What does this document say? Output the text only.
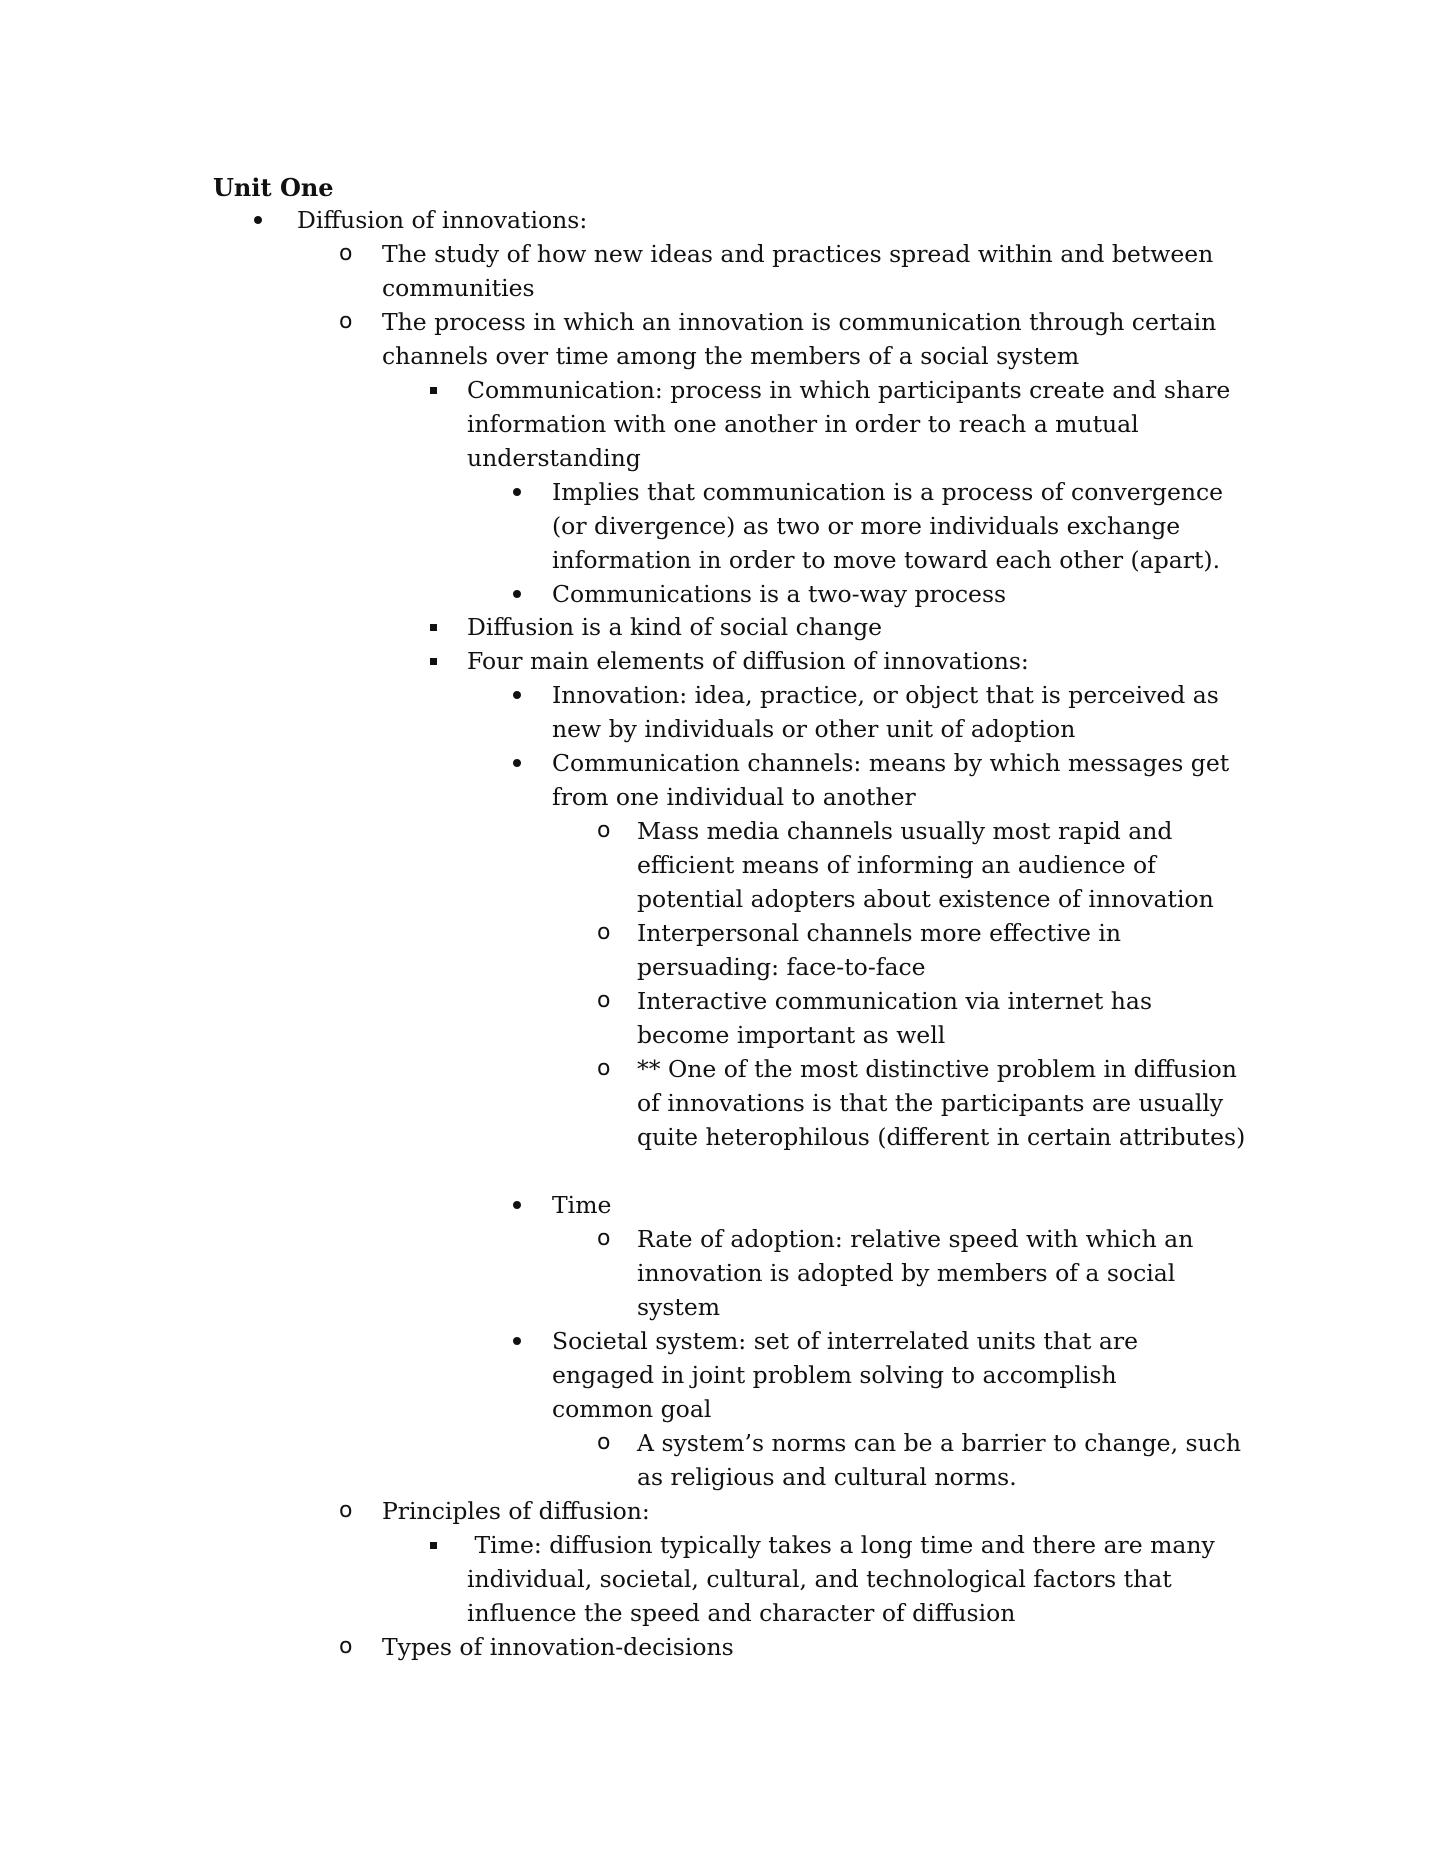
Unit One
Diffusion of innovations:
o The study of how new ideas and practices spread within and between communities
o The process in which an innovation is communication through certain channels over time among the members of a social system
Communication: process in which participants create and share information with one another in order to reach a mutual understanding
Implies that communication is a process of convergence (or divergence) as two or more individuals exchange information in order to move toward each other (apart).
Communications is a two-way process
Diffusion is a kind of social change
Four main elements of diffusion of innovations:
Innovation: idea, practice, or object that is perceived as new by individuals or other unit of adoption
Communication channels: means by which messages get from one individual to another
o Mass media channels usually most rapid and efficient means of informing an audience of potential adopters about existence of innovation
o Interpersonal channels more effective in persuading: face-to-face
o Interactive communication via internet has become important as well
o ** One of the most distinctive problem in diffusion of innovations is that the participants are usually quite heterophilous (different in certain attributes)
Time
o Rate of adoption: relative speed with which an innovation is adopted by members of a social system
Societal system: set of interrelated units that are engaged in joint problem solving to accomplish common goal
o A system’s norms can be a barrier to change, such as religious and cultural norms.
o Principles of diffusion:
Time: diffusion typically takes a long time and there are many individual, societal, cultural, and technological factors that influence the speed and character of diffusion
o Types of innovation-decisions
